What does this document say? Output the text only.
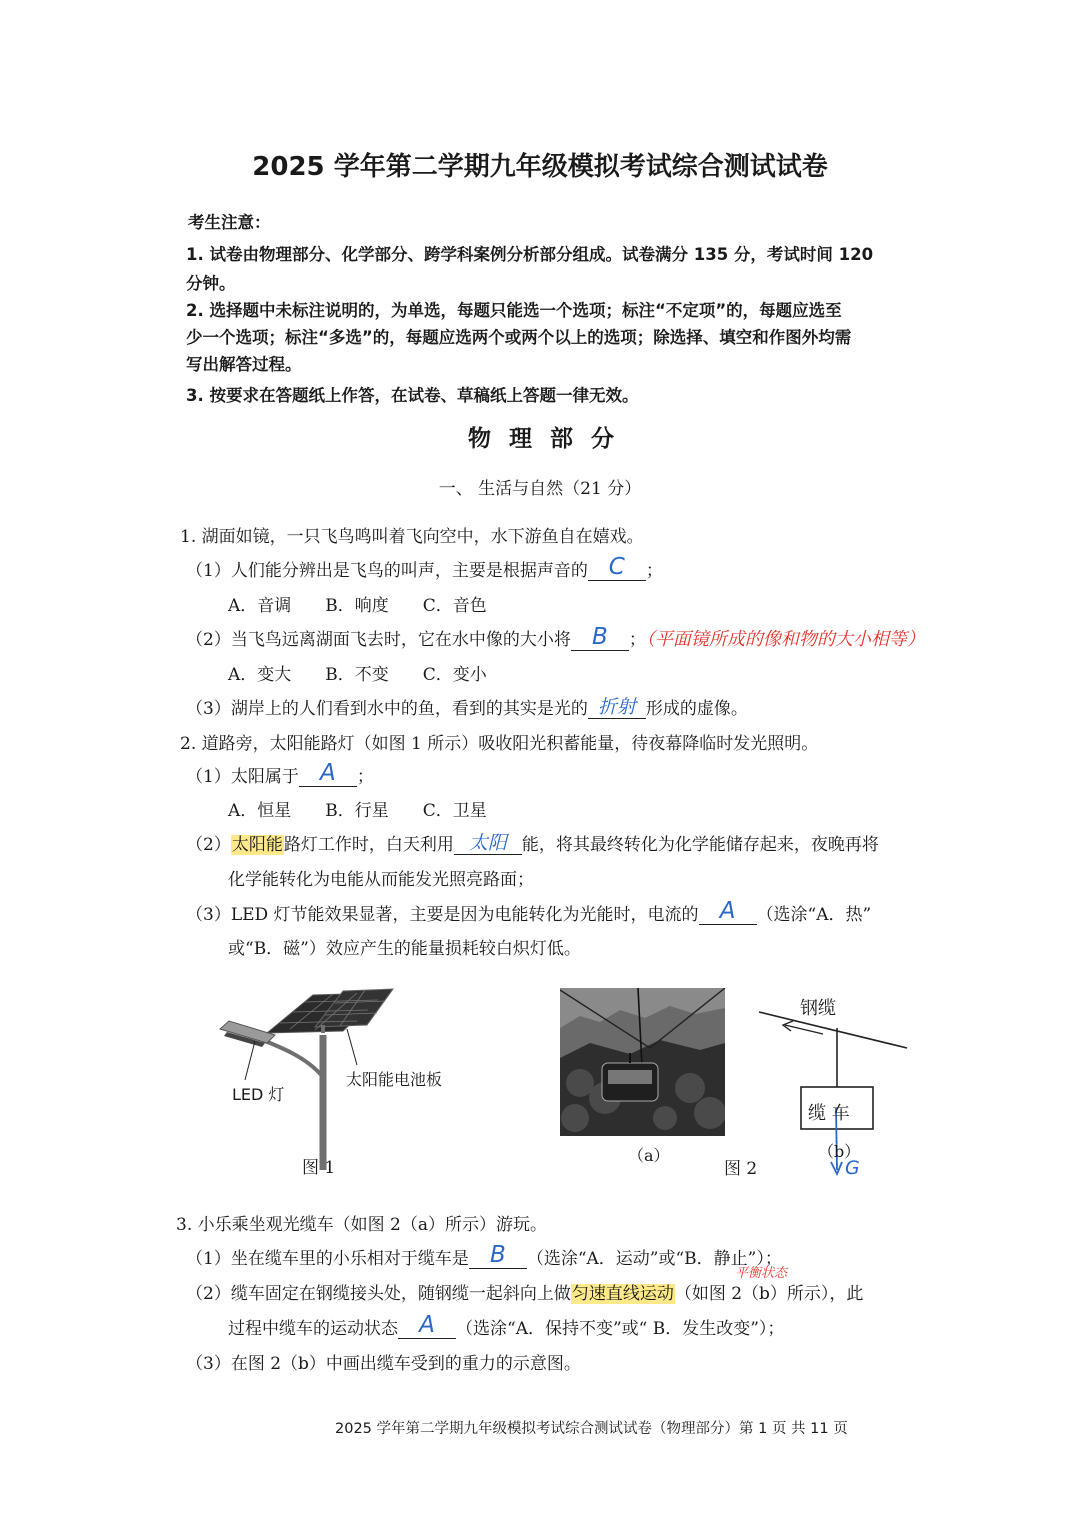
2025 学年第二学期九年级模拟考试综合测试试卷
考生注意：
1. 试卷由物理部分、化学部分、跨学科案例分析部分组成。试卷满分 135 分，考试时间 120
分钟。
2. 选择题中未标注说明的，为单选，每题只能选一个选项；标注“不定项”的，每题应选至
少一个选项；标注“多选”的，每题应选两个或两个以上的选项；除选择、填空和作图外均需
写出解答过程。
3. 按要求在答题纸上作答，在试卷、草稿纸上答题一律无效。
物理部分
一、 生活与自然（21 分）
1. 湖面如镜，一只飞鸟鸣叫着飞向空中，水下游鱼自在嬉戏。
（1）人们能分辨出是飞鸟的叫声，主要是根据声音的 C	；
A．音调　　B．响度　　C．音色
（2）当飞鸟远离湖面飞去时，它在水中像的大小将 B	；（平面镜所成的像和物的大小相等）
A．变大　　B．不变　　C．变小
（3）湖岸上的人们看到水中的鱼，看到的其实是光的 折射 形成的虚像。
2. 道路旁，太阳能路灯（如图 1 所示）吸收阳光积蓄能量，待夜幕降临时发光照明。
（1）太阳属于 A	；
A．恒星　　B．行星　　C．卫星
（2）太阳能路灯工作时，白天利用 太阳 能，将其最终转化为化学能储存起来，夜晚再将
化学能转化为电能从而能发光照亮路面；
（3）LED 灯节能效果显著，主要是因为电能转化为光能时，电流的 A	（选涂“A．热”
或“B．磁”）效应产生的能量损耗较白炽灯低。
LED 灯
太阳能电池板
图 1
（a）
钢缆
缆 车
（b）
G
图 2
3. 小乐乘坐观光缆车（如图 2（a）所示）游玩。
（1）坐在缆车里的小乐相对于缆车是 B	（选涂“A．运动”或“B．静止”）；
平衡状态
（2）缆车固定在钢缆接头处，随钢缆一起斜向上做匀速直线运动（如图 2（b）所示），此
过程中缆车的运动状态 A	（选涂“A．保持不变”或“ B．发生改变”）；
（3）在图 2（b）中画出缆车受到的重力的示意图。
2025 学年第二学期九年级模拟考试综合测试试卷（物理部分）第 1 页 共 11 页
